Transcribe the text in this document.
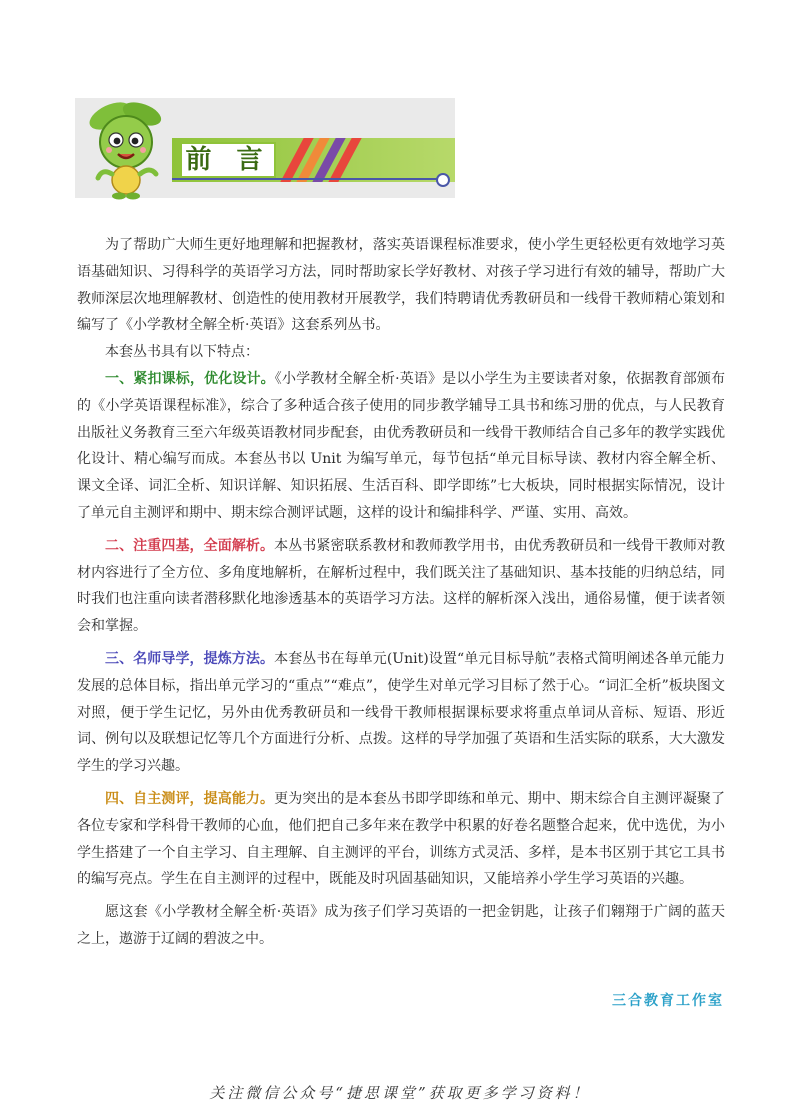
前 言

为了帮助广大师生更好地理解和把握教材，落实英语课程标准要求，使小学生更轻松更有效地学习英语基础知识、习得科学的英语学习方法，同时帮助家长学好教材、对孩子学习进行有效的辅导，帮助广大教师深层次地理解教材、创造性的使用教材开展教学，我们特聘请优秀教研员和一线骨干教师精心策划和编写了《小学教材全解全析·英语》这套系列丛书。

本套丛书具有以下特点：

一、紧扣课标，优化设计。《小学教材全解全析·英语》是以小学生为主要读者对象，依据教育部颁布的《小学英语课程标准》，综合了多种适合孩子使用的同步教学辅导工具书和练习册的优点，与人民教育出版社义务教育三至六年级英语教材同步配套，由优秀教研员和一线骨干教师结合自己多年的教学实践优化设计、精心编写而成。本套丛书以 Unit 为编写单元，每节包括“单元目标导读、教材内容全解全析、课文全译、词汇全析、知识详解、知识拓展、生活百科、即学即练”七大板块，同时根据实际情况，设计了单元自主测评和期中、期末综合测评试题，这样的设计和编排科学、严谨、实用、高效。

二、注重四基，全面解析。本丛书紧密联系教材和教师教学用书，由优秀教研员和一线骨干教师对教材内容进行了全方位、多角度地解析，在解析过程中，我们既关注了基础知识、基本技能的归纳总结，同时我们也注重向读者潜移默化地渗透基本的英语学习方法。这样的解析深入浅出，通俗易懂，便于读者领会和掌握。

三、名师导学，提炼方法。本套丛书在每单元(Unit)设置“单元目标导航”表格式简明阐述各单元能力发展的总体目标，指出单元学习的“重点”“难点”，使学生对单元学习目标了然于心。“词汇全析”板块图文对照，便于学生记忆，另外由优秀教研员和一线骨干教师根据课标要求将重点单词从音标、短语、形近词、例句以及联想记忆等几个方面进行分析、点拨。这样的导学加强了英语和生活实际的联系，大大激发学生的学习兴趣。

四、自主测评，提高能力。更为突出的是本套丛书即学即练和单元、期中、期末综合自主测评凝聚了各位专家和学科骨干教师的心血，他们把自己多年来在教学中积累的好卷名题整合起来，优中选优，为小学生搭建了一个自主学习、自主理解、自主测评的平台，训练方式灵活、多样，是本书区别于其它工具书的编写亮点。学生在自主测评的过程中，既能及时巩固基础知识，又能培养小学生学习英语的兴趣。

愿这套《小学教材全解全析·英语》成为孩子们学习英语的一把金钥匙，让孩子们翱翔于广阔的蓝天之上，遨游于辽阔的碧波之中。

三合教育工作室
关注微信公众号“捷思课堂”获取更多学习资料！
